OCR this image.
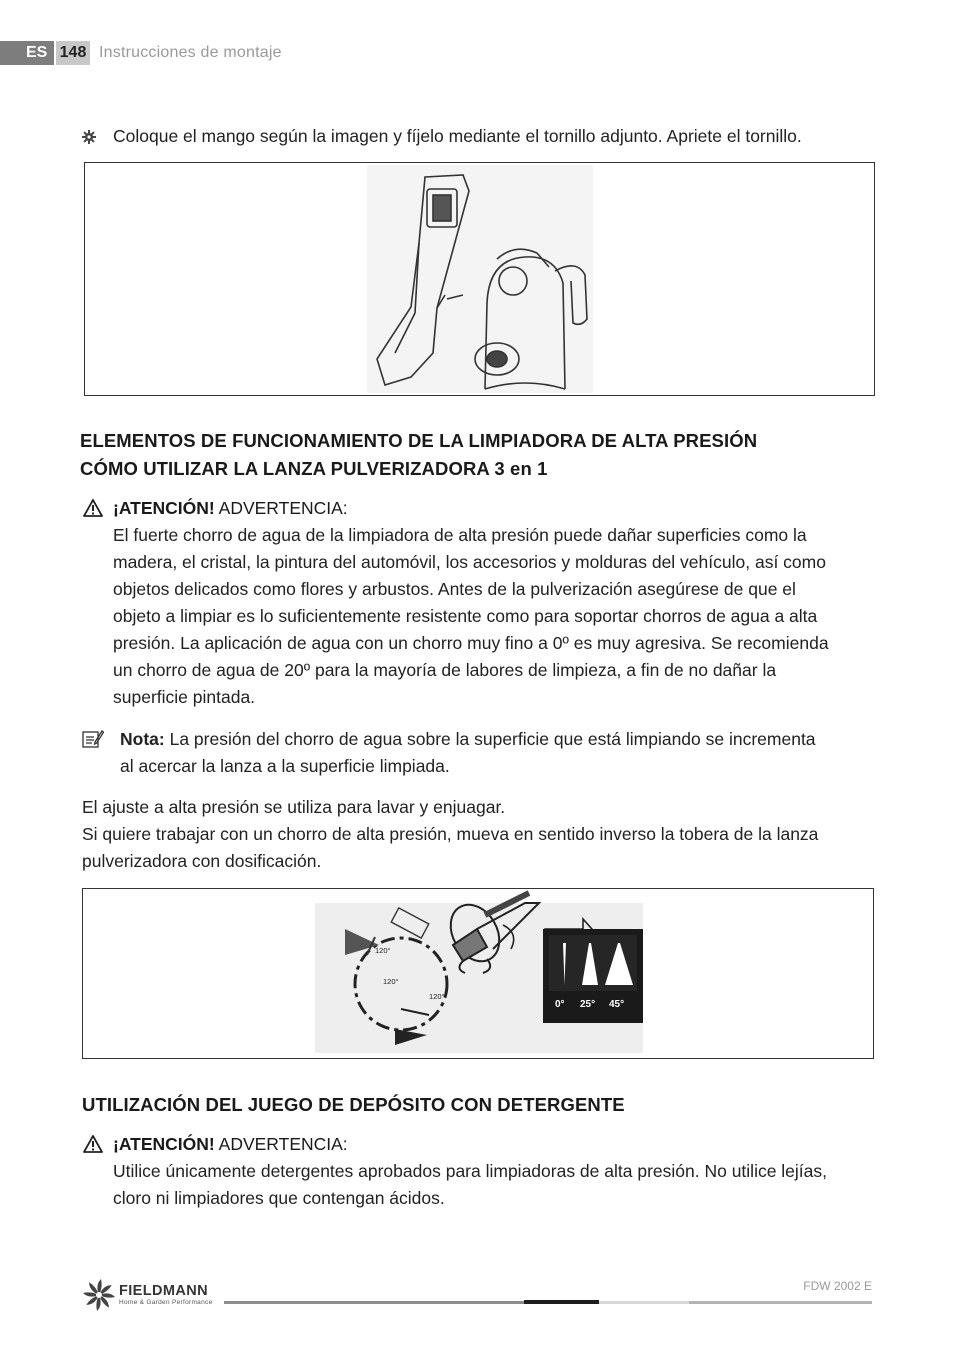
ES 148 Instrucciones de montaje
Coloque el mango según la imagen y fíjelo mediante el tornillo adjunto. Apriete el tornillo.
ELEMENTOS DE FUNCIONAMIENTO DE LA LIMPIADORA DE ALTA PRESIÓN
CÓMO UTILIZAR LA LANZA PULVERIZADORA 3 en 1
¡ATENCIÓN! ADVERTENCIA:
El fuerte chorro de agua de la limpiadora de alta presión puede dañar superficies como la
madera, el cristal, la pintura del automóvil, los accesorios y molduras del vehículo, así como
objetos delicados como flores y arbustos. Antes de la pulverización asegúrese de que el
objeto a limpiar es lo suficientemente resistente como para soportar chorros de agua a alta
presión. La aplicación de agua con un chorro muy fino a 0º es muy agresiva. Se recomienda
un chorro de agua de 20º para la mayoría de labores de limpieza, a fin de no dañar la
superficie pintada.
Nota: La presión del chorro de agua sobre la superficie que está limpiando se incrementa
al acercar la lanza a la superficie limpiada.
El ajuste a alta presión se utiliza para lavar y enjuagar.
Si quiere trabajar con un chorro de alta presión, mueva en sentido inverso la tobera de la lanza
pulverizadora con dosificación.
120°
120°
120°
0° 25° 45°
UTILIZACIÓN DEL JUEGO DE DEPÓSITO CON DETERGENTE
¡ATENCIÓN! ADVERTENCIA:
Utilice únicamente detergentes aprobados para limpiadoras de alta presión. No utilice lejías,
cloro ni limpiadores que contengan ácidos.
FIELDMANN
Home & Garden Performance
FDW 2002 E
